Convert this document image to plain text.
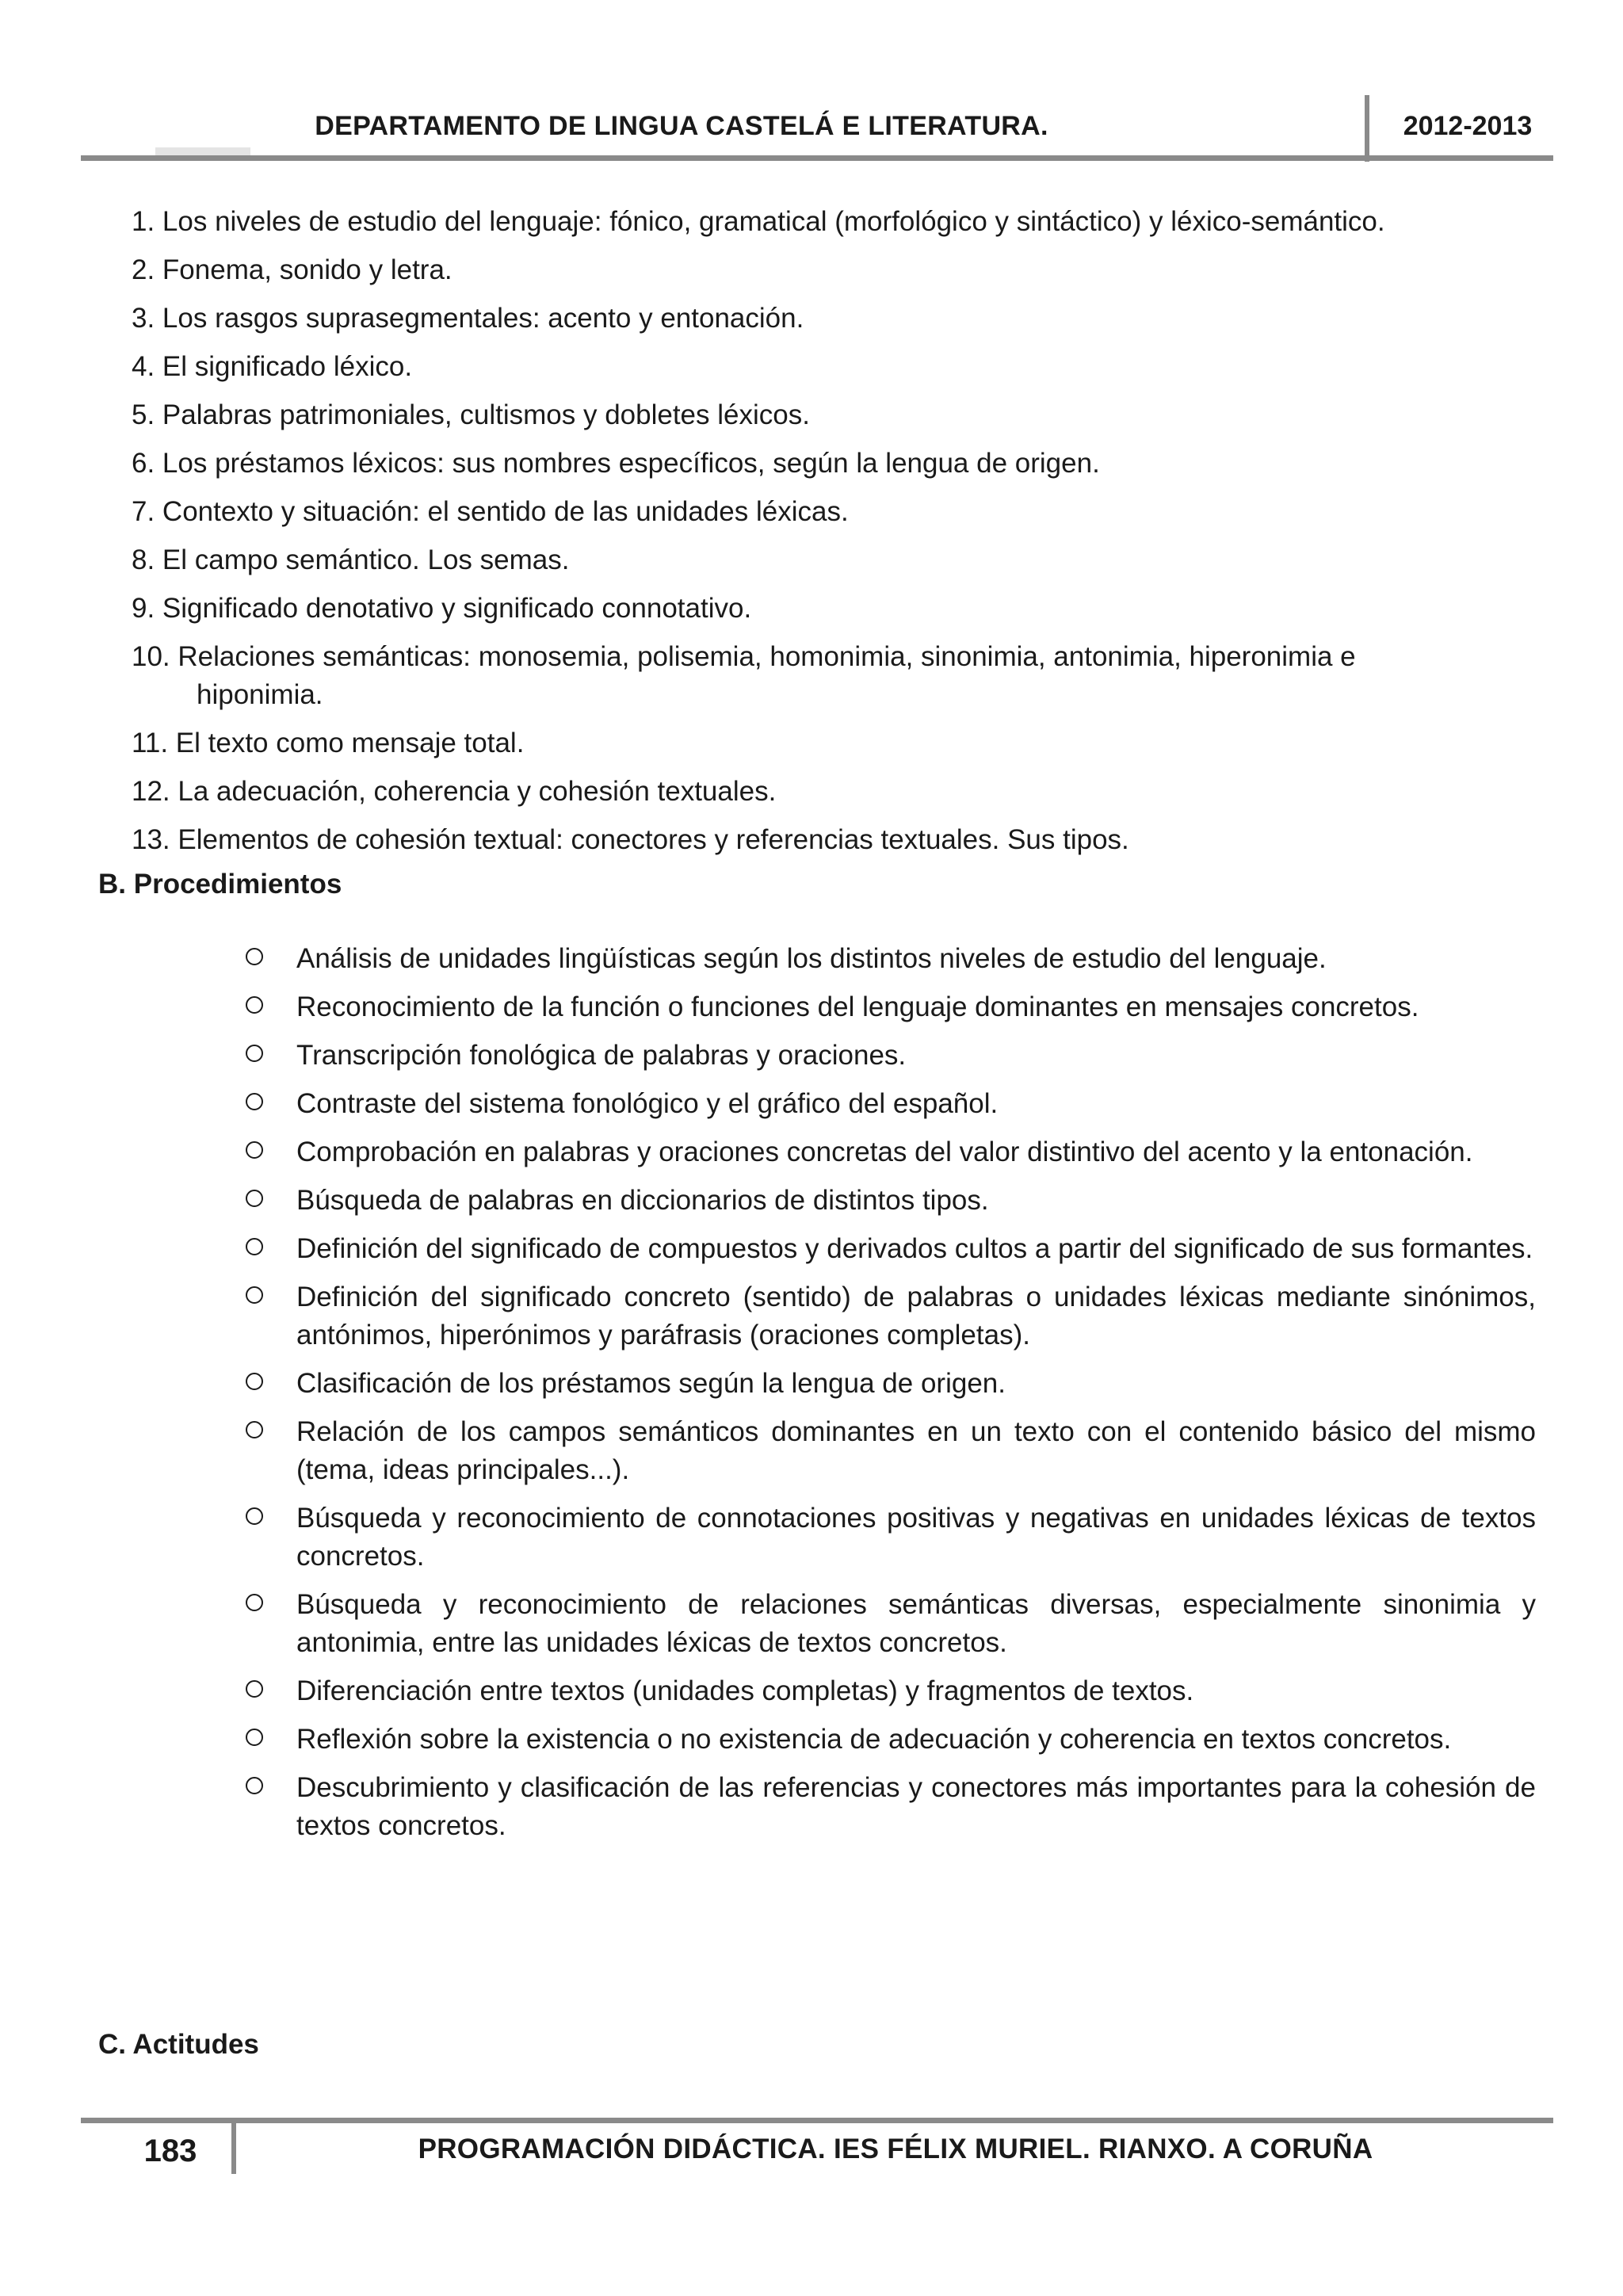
DEPARTAMENTO DE LINGUA CASTELÁ E LITERATURA.	2012-2013
1. Los niveles de estudio del lenguaje: fónico, gramatical (morfológico y sintáctico) y léxico-semántico.
2. Fonema, sonido y letra.
3. Los rasgos suprasegmentales: acento y entonación.
4. El significado léxico.
5. Palabras patrimoniales, cultismos y dobletes léxicos.
6. Los préstamos léxicos: sus nombres específicos, según la lengua de origen.
7. Contexto y situación: el sentido de las unidades léxicas.
8. El campo semántico. Los semas.
9. Significado denotativo y significado connotativo.
10. Relaciones semánticas: monosemia, polisemia, homonimia, sinonimia, antonimia, hiperonimia e
hiponimia.
11. El texto como mensaje total.
12. La adecuación, coherencia y cohesión textuales.
13. Elementos de cohesión textual: conectores y referencias textuales. Sus tipos.
B. Procedimientos
Análisis de unidades lingüísticas según los distintos niveles de estudio del lenguaje.
Reconocimiento de la función o funciones del lenguaje dominantes en mensajes concretos.
Transcripción fonológica de palabras y oraciones.
Contraste del sistema fonológico y el gráfico del español.
Comprobación en palabras y oraciones concretas del valor distintivo del acento y la entonación.
Búsqueda de palabras en diccionarios de distintos tipos.
Definición del significado de compuestos y derivados cultos a partir del significado de sus formantes.
Definición del significado concreto (sentido) de palabras o unidades léxicas mediante sinónimos, antónimos, hiperónimos y paráfrasis (oraciones completas).
Clasificación de los préstamos según la lengua de origen.
Relación de los campos semánticos dominantes en un texto con el contenido básico del mismo (tema, ideas principales...).
Búsqueda y reconocimiento de connotaciones positivas y negativas en unidades léxicas de textos concretos.
Búsqueda y reconocimiento de relaciones semánticas diversas, especialmente sinonimia y antonimia, entre las unidades léxicas de textos concretos.
Diferenciación entre textos (unidades completas) y fragmentos de textos.
Reflexión sobre la existencia o no existencia de adecuación y coherencia en textos concretos.
Descubrimiento y clasificación de las referencias y conectores más importantes para la cohesión de textos concretos.
C. Actitudes
183	PROGRAMACIÓN DIDÁCTICA. IES FÉLIX MURIEL. RIANXO. A CORUÑA
